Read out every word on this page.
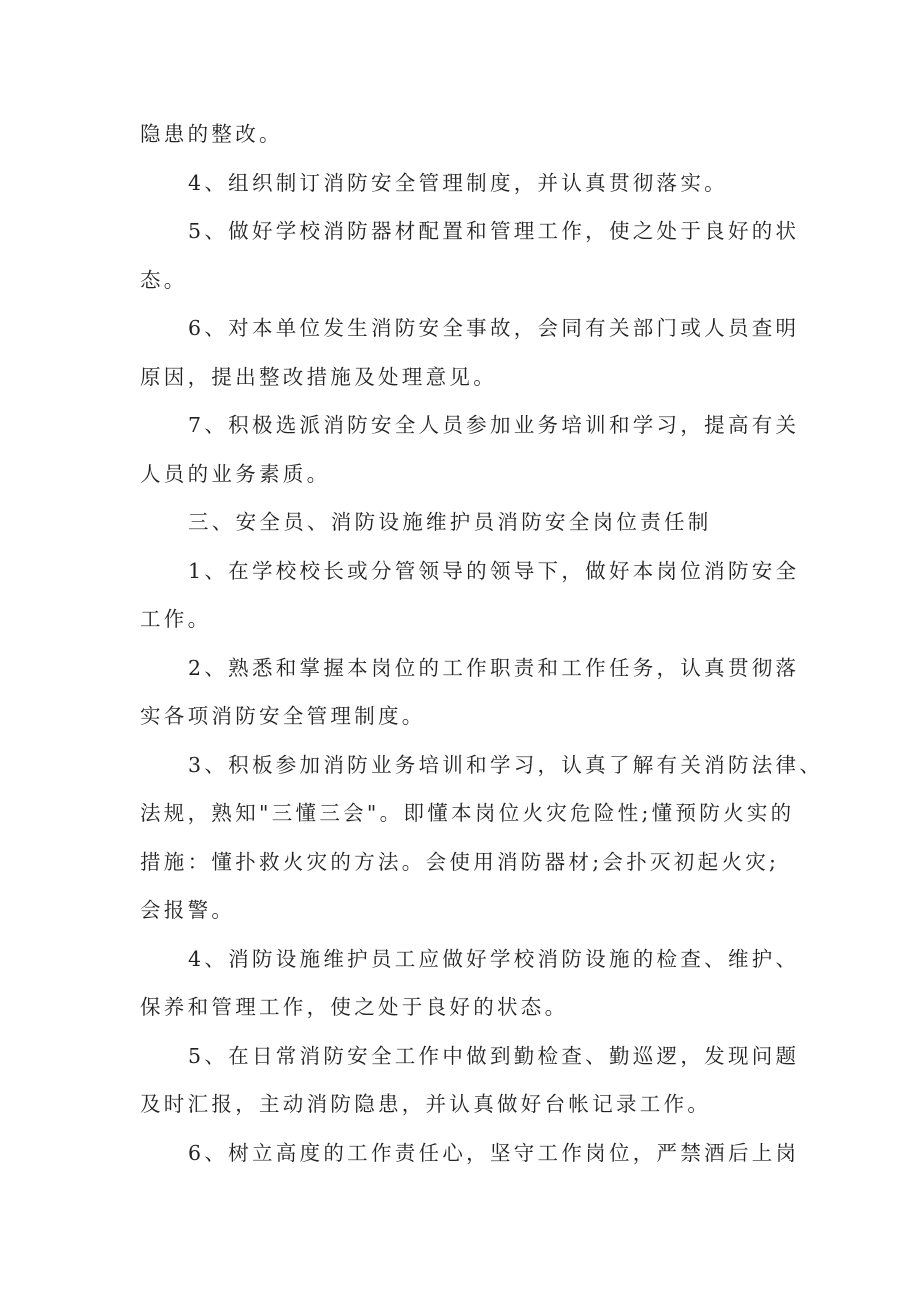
隐患的整改。
4、组织制订消防安全管理制度，并认真贯彻落实。
5、做好学校消防器材配置和管理工作，使之处于良好的状
态。
6、对本单位发生消防安全事故，会同有关部门或人员查明
原因，提出整改措施及处理意见。
7、积极选派消防安全人员参加业务培训和学习，提高有关
人员的业务素质。
三、安全员、消防设施维护员消防安全岗位责任制
1、在学校校长或分管领导的领导下，做好本岗位消防安全
工作。
2、熟悉和掌握本岗位的工作职责和工作任务，认真贯彻落
实各项消防安全管理制度。
3、积板参加消防业务培训和学习，认真了解有关消防法律、
法规，熟知"三懂三会"。即懂本岗位火灾危险性;懂预防火实的
措施：懂扑救火灾的方法。会使用消防器材;会扑灭初起火灾;
会报警。
4、消防设施维护员工应做好学校消防设施的检查、维护、
保养和管理工作，使之处于良好的状态。
5、在日常消防安全工作中做到勤检查、勤巡逻，发现问题
及时汇报，主动消防隐患，并认真做好台帐记录工作。
6、树立高度的工作责任心，坚守工作岗位，严禁酒后上岗
